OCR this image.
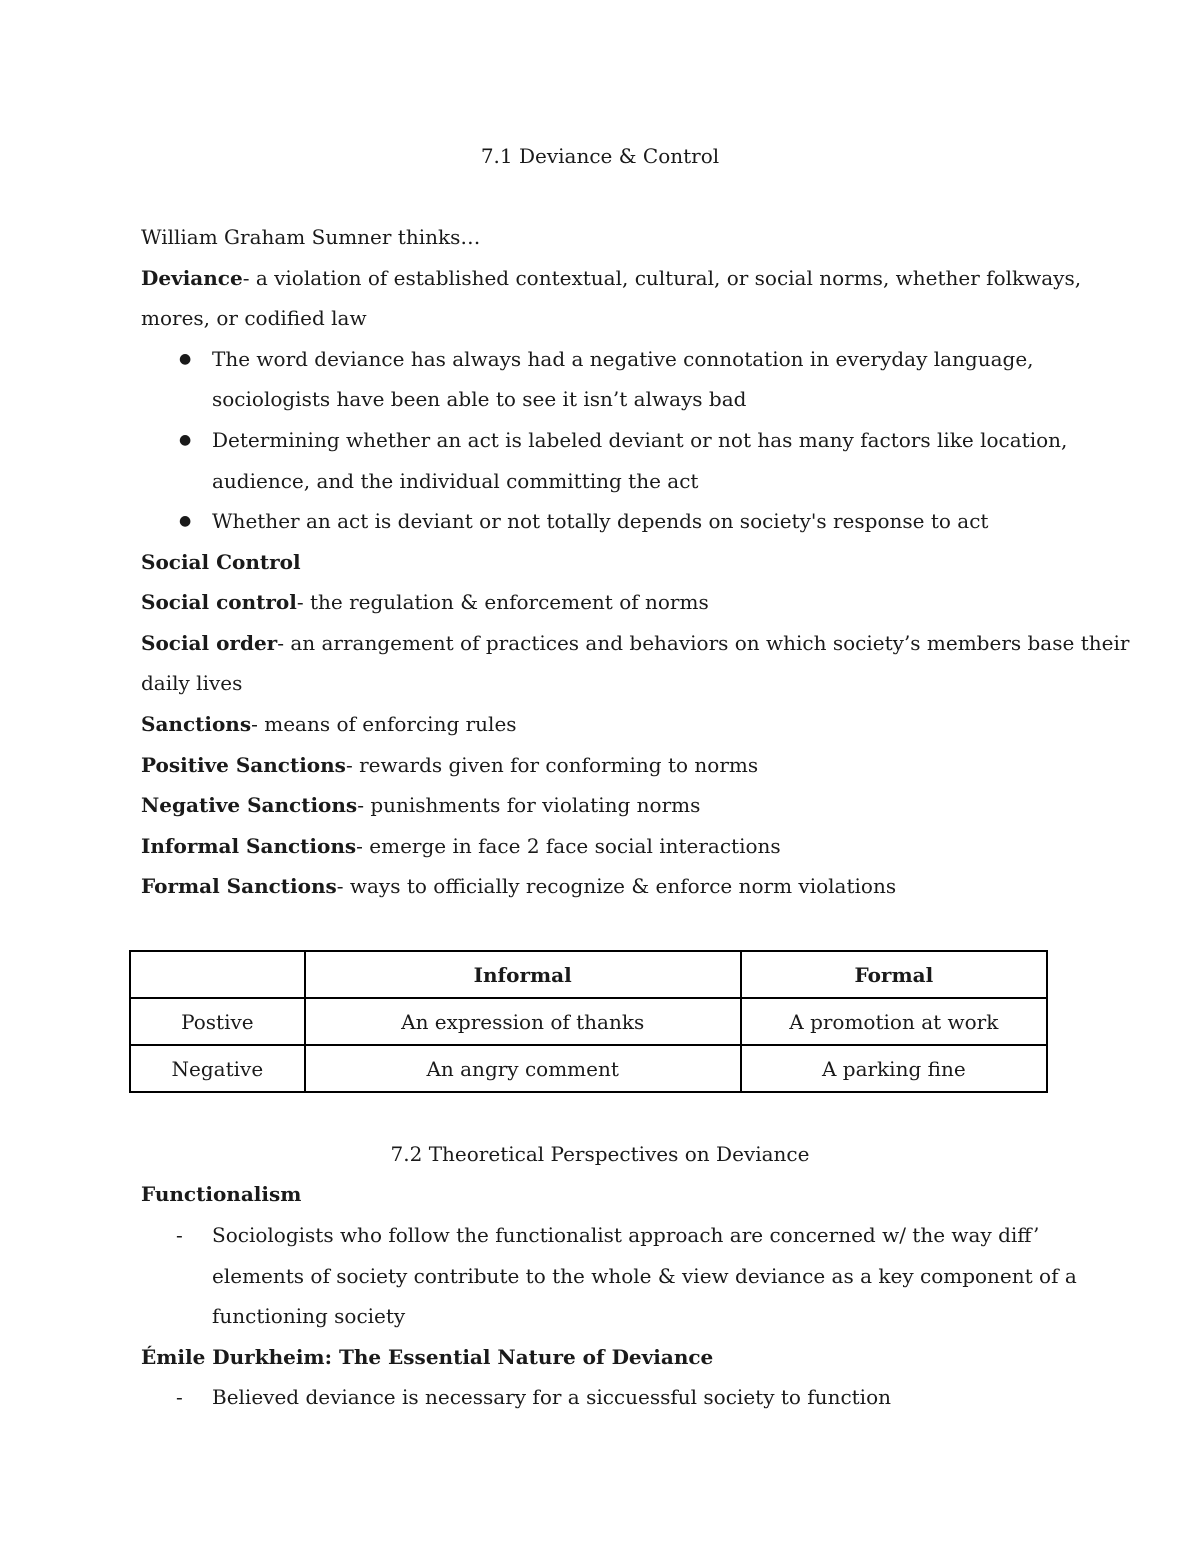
7.1 Deviance & Control
William Graham Sumner thinks…
Deviance- a violation of established contextual, cultural, or social norms, whether folkways,
mores, or codified law
● The word deviance has always had a negative connotation in everyday language,
sociologists have been able to see it isn’t always bad
● Determining whether an act is labeled deviant or not has many factors like location,
audience, and the individual committing the act
● Whether an act is deviant or not totally depends on society's response to act
Social Control
Social control- the regulation & enforcement of norms
Social order- an arrangement of practices and behaviors on which society’s members base their
daily lives
Sanctions- means of enforcing rules
Positive Sanctions- rewards given for conforming to norms
Negative Sanctions- punishments for violating norms
Informal Sanctions- emerge in face 2 face social interactions
Formal Sanctions- ways to officially recognize & enforce norm violations
	Informal	Formal
Postive	An expression of thanks	A promotion at work
Negative	An angry comment	A parking fine
7.2 Theoretical Perspectives on Deviance
Functionalism
- Sociologists who follow the functionalist approach are concerned w/ the way diff’
elements of society contribute to the whole & view deviance as a key component of a
functioning society
Émile Durkheim: The Essential Nature of Deviance
- Believed deviance is necessary for a siccuessful society to function
